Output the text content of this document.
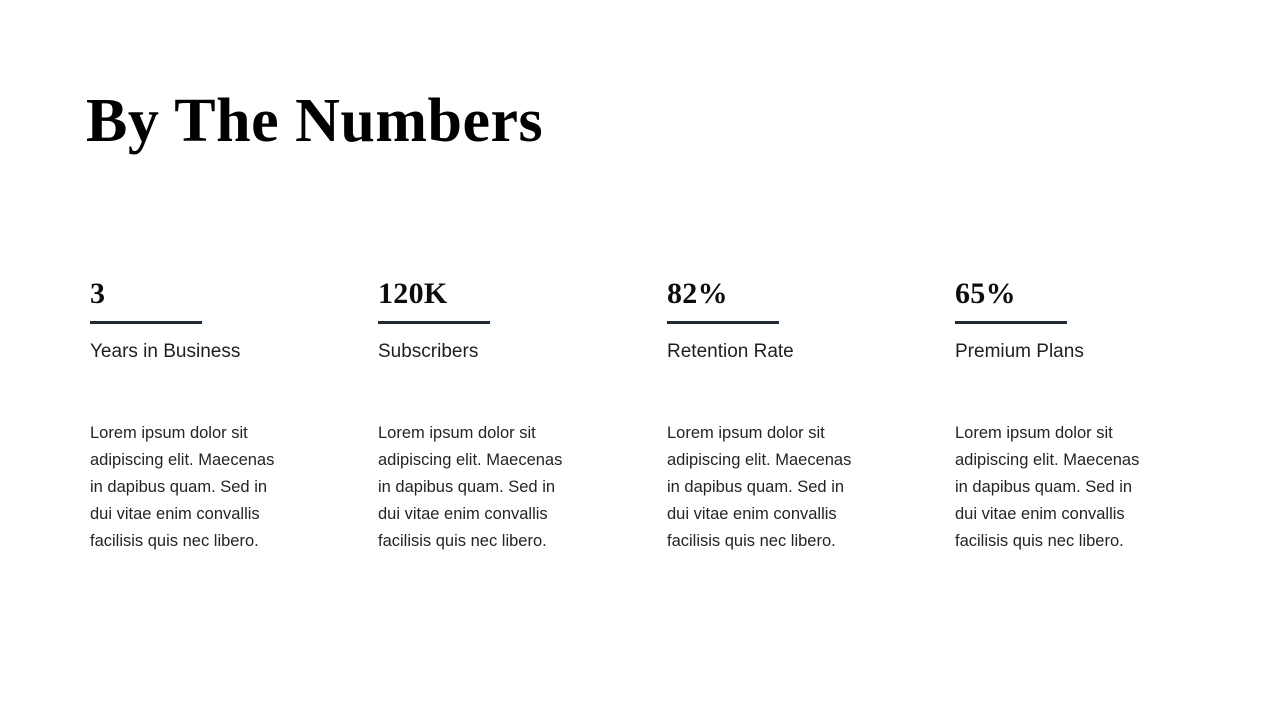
By The Numbers
3
Years in Business
Lorem ipsum dolor sit
adipiscing elit. Maecenas
in dapibus quam. Sed in
dui vitae enim convallis
facilisis quis nec libero.
120K
Subscribers
Lorem ipsum dolor sit
adipiscing elit. Maecenas
in dapibus quam. Sed in
dui vitae enim convallis
facilisis quis nec libero.
82%
Retention Rate
Lorem ipsum dolor sit
adipiscing elit. Maecenas
in dapibus quam. Sed in
dui vitae enim convallis
facilisis quis nec libero.
65%
Premium Plans
Lorem ipsum dolor sit
adipiscing elit. Maecenas
in dapibus quam. Sed in
dui vitae enim convallis
facilisis quis nec libero.
